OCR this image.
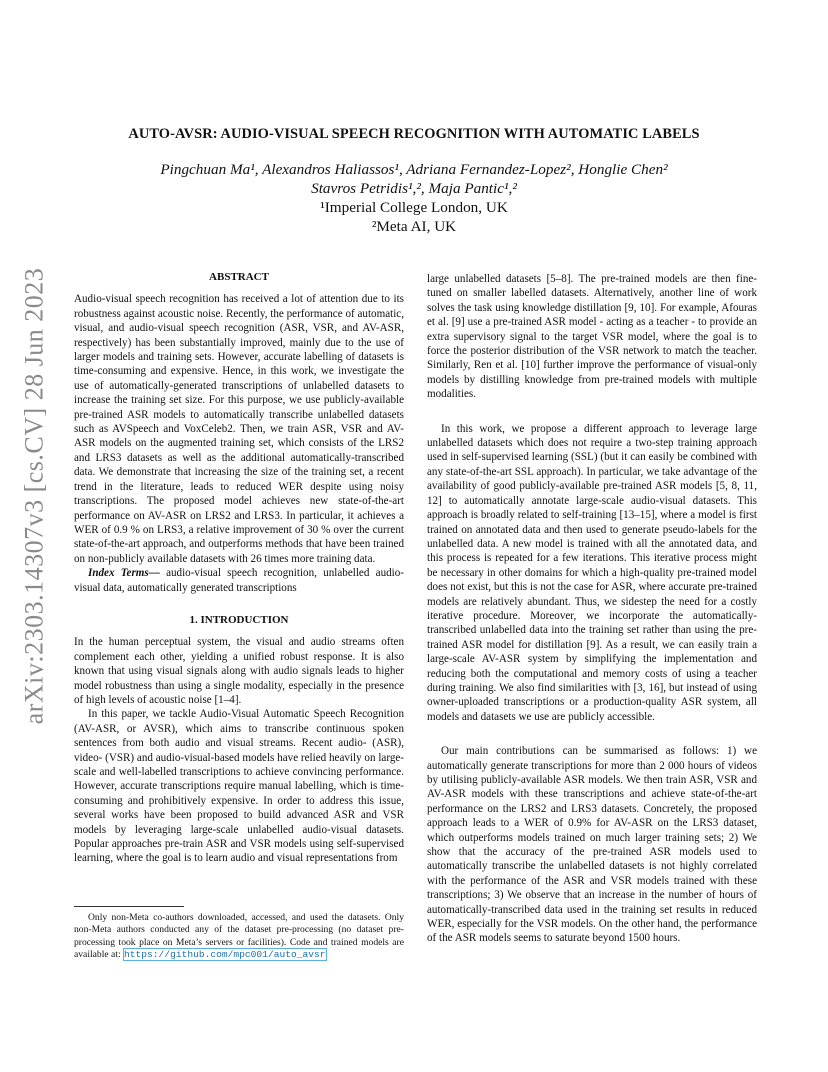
arXiv:2303.14307v3 [cs.CV] 28 Jun 2023
AUTO-AVSR: AUDIO-VISUAL SPEECH RECOGNITION WITH AUTOMATIC LABELS
Pingchuan Ma¹, Alexandros Haliassos¹, Adriana Fernandez-Lopez², Honglie Chen²
Stavros Petridis¹,², Maja Pantic¹,²
¹Imperial College London, UK
²Meta AI, UK
ABSTRACT

Audio-visual speech recognition has received a lot of attention due to its robustness against acoustic noise. Recently, the performance of automatic, visual, and audio-visual speech recognition (ASR, VSR, and AV-ASR, respectively) has been substantially improved, mainly due to the use of larger models and training sets. However, accurate labelling of datasets is time-consuming and expensive. Hence, in this work, we investigate the use of automatically-generated transcriptions of unlabelled datasets to increase the training set size. For this purpose, we use publicly-available pre-trained ASR models to automatically transcribe unlabelled datasets such as AVSpeech and VoxCeleb2. Then, we train ASR, VSR and AV-ASR models on the augmented training set, which consists of the LRS2 and LRS3 datasets as well as the additional automatically-transcribed data. We demonstrate that increasing the size of the training set, a recent trend in the literature, leads to reduced WER despite using noisy transcriptions. The proposed model achieves new state-of-the-art performance on AV-ASR on LRS2 and LRS3. In particular, it achieves a WER of 0.9 % on LRS3, a relative improvement of 30 % over the current state-of-the-art approach, and outperforms methods that have been trained on non-publicly available datasets with 26 times more training data.

Index Terms— audio-visual speech recognition, unlabelled audio-visual data, automatically generated transcriptions

1. INTRODUCTION

In the human perceptual system, the visual and audio streams often complement each other, yielding a unified robust response. It is also known that using visual signals along with audio signals leads to higher model robustness than using a single modality, especially in the presence of high levels of acoustic noise [1–4].

In this paper, we tackle Audio-Visual Automatic Speech Recognition (AV-ASR, or AVSR), which aims to transcribe continuous spoken sentences from both audio and visual streams. Recent audio- (ASR), video- (VSR) and audio-visual-based models have relied heavily on large-scale and well-labelled transcriptions to achieve convincing performance. However, accurate transcriptions require manual labelling, which is time-consuming and prohibitively expensive. In order to address this issue, several works have been proposed to build advanced ASR and VSR models by leveraging large-scale unlabelled audio-visual datasets. Popular approaches pre-train ASR and VSR models using self-supervised learning, where the goal is to learn audio and visual representations from

Only non-Meta co-authors downloaded, accessed, and used the datasets. Only non-Meta authors conducted any of the dataset pre-processing (no dataset pre-processing took place on Meta’s servers or facilities). Code and trained models are available at: https://github.com/mpc001/auto_avsr

large unlabelled datasets [5–8]. The pre-trained models are then fine-tuned on smaller labelled datasets. Alternatively, another line of work solves the task using knowledge distillation [9, 10]. For example, Afouras et al. [9] use a pre-trained ASR model - acting as a teacher - to provide an extra supervisory signal to the target VSR model, where the goal is to force the posterior distribution of the VSR network to match the teacher. Similarly, Ren et al. [10] further improve the performance of visual-only models by distilling knowledge from pre-trained models with multiple modalities.

In this work, we propose a different approach to leverage large unlabelled datasets which does not require a two-step training approach used in self-supervised learning (SSL) (but it can easily be combined with any state-of-the-art SSL approach). In particular, we take advantage of the availability of good publicly-available pre-trained ASR models [5, 8, 11, 12] to automatically annotate large-scale audio-visual datasets. This approach is broadly related to self-training [13–15], where a model is first trained on annotated data and then used to generate pseudo-labels for the unlabelled data. A new model is trained with all the annotated data, and this process is repeated for a few iterations. This iterative process might be necessary in other domains for which a high-quality pre-trained model does not exist, but this is not the case for ASR, where accurate pre-trained models are relatively abundant. Thus, we sidestep the need for a costly iterative procedure. Moreover, we incorporate the automatically-transcribed unlabelled data into the training set rather than using the pre-trained ASR model for distillation [9]. As a result, we can easily train a large-scale AV-ASR system by simplifying the implementation and reducing both the computational and memory costs of using a teacher during training. We also find similarities with [3, 16], but instead of using owner-uploaded transcriptions or a production-quality ASR system, all models and datasets we use are publicly accessible.

Our main contributions can be summarised as follows: 1) we automatically generate transcriptions for more than 2 000 hours of videos by utilising publicly-available ASR models. We then train ASR, VSR and AV-ASR models with these transcriptions and achieve state-of-the-art performance on the LRS2 and LRS3 datasets. Concretely, the proposed approach leads to a WER of 0.9% for AV-ASR on the LRS3 dataset, which outperforms models trained on much larger training sets; 2) We show that the accuracy of the pre-trained ASR models used to automatically transcribe the unlabelled datasets is not highly correlated with the performance of the ASR and VSR models trained with these transcriptions; 3) We observe that an increase in the number of hours of automatically-transcribed data used in the training set results in reduced WER, especially for the VSR models. On the other hand, the performance of the ASR models seems to saturate beyond 1500 hours.
